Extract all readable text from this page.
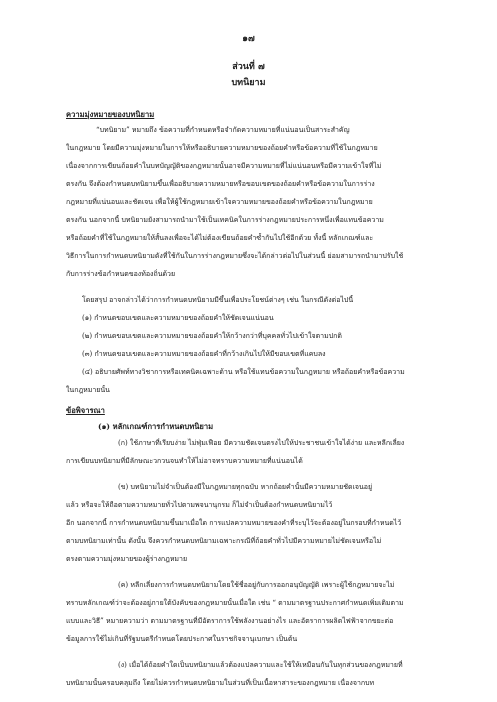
๑๗
ส่วนที่ ๗
บทนิยาม
ความมุ่งหมายของบทนิยาม
“บทนิยาม” หมายถึง ข้อความที่กำหนดหรือจำกัดความหมายที่แน่นอนเป็นสาระสำคัญ
ในกฎหมาย โดยมีความมุ่งหมายในการให้หรืออธิบายความหมายของถ้อยคำหรือข้อความที่ใช้ในกฎหมาย
เนื่องจากการเขียนถ้อยคำในบทบัญญัติของกฎหมายนั้นอาจมีความหมายที่ไม่แน่นอนหรือมีความเข้าใจที่ไม่
ตรงกัน จึงต้องกำหนดบทนิยามขึ้นเพื่ออธิบายความหมายหรือขอบเขตของถ้อยคำหรือข้อความในการร่าง
กฎหมายที่แน่นอนและชัดเจน เพื่อให้ผู้ใช้กฎหมายเข้าใจความหมายของถ้อยคำหรือข้อความในกฎหมาย
ตรงกัน นอกจากนี้ บทนิยามยังสามารถนำมาใช้เป็นเทคนิคในการร่างกฎหมายประการหนึ่งเพื่อแทนข้อความ
หรือถ้อยคำที่ใช้ในกฎหมายให้สั้นลงเพื่อจะได้ไม่ต้องเขียนถ้อยคำซ้ำกันไปใช้อีกด้วย ทั้งนี้ หลักเกณฑ์และ
วิธีการในการกำหนดบทนิยามดังที่ใช้กันในการร่างกฎหมายซึ่งจะได้กล่าวต่อไปในส่วนนี้ ย่อมสามารถนำมาปรับใช้
กับการร่างข้อกำหนดของท้องถิ่นด้วย
โดยสรุป อาจกล่าวได้ว่าการกำหนดบทนิยามมีขึ้นเพื่อประโยชน์ต่างๆ เช่น ในกรณีดังต่อไปนี้
(๑) กำหนดขอบเขตและความหมายของถ้อยคำให้ชัดเจนแน่นอน
(๒) กำหนดขอบเขตและความหมายของถ้อยคำให้กว้างกว่าที่บุคคลทั่วไปเข้าใจตามปกติ
(๓) กำหนดขอบเขตและความหมายของถ้อยคำที่กว้างเกินไปให้มีขอบเขตที่แคบลง
(๔) อธิบายศัพท์ทางวิชาการหรือเทคนิคเฉพาะด้าน หรือใช้แทนข้อความในกฎหมาย หรือถ้อยคำหรือข้อความ
ในกฎหมายนั้น
ข้อพิจารณา
(๑) หลักเกณฑ์การกำหนดบทนิยาม
(ก) ใช้ภาษาที่เรียบง่าย ไม่ฟุ่มเฟือย มีความชัดเจนตรงไปให้ประชาชนเข้าใจได้ง่าย และหลีกเลี่ยง
การเขียนบทนิยามที่มีลักษณะวกวนจนทำให้ไม่อาจทราบความหมายที่แน่นอนได้
(ข) บทนิยามไม่จำเป็นต้องมีในกฎหมายทุกฉบับ หากถ้อยคำนั้นมีความหมายชัดเจนอยู่
แล้ว หรือจะให้ถือตามความหมายทั่วไปตามพจนานุกรม ก็ไม่จำเป็นต้องกำหนดบทนิยามไว้
อีก นอกจากนี้ การกำหนดบทนิยามขึ้นมาเมื่อใด การแปลความหมายของคำที่ระบุไว้จะต้องอยู่ในกรอบที่กำหนดไว้
ตามบทนิยามเท่านั้น ดังนั้น จึงควรกำหนดบทนิยามเฉพาะกรณีที่ถ้อยคำทั่วไปมีความหมายไม่ชัดเจนหรือไม่
ตรงตามความมุ่งหมายของผู้ร่างกฎหมาย
(ค) หลีกเลี่ยงการกำหนดบทนิยามโดยใช้ชื่ออยู่กับการออกอนุบัญญัติ เพราะผู้ใช้กฎหมายจะไม่
ทราบหลักเกณฑ์ว่าจะต้องอยู่ภายใต้บังคับของกฎหมายนั้นเมื่อใด เช่น “ ตามมาตรฐานประกาศกำหนดเพิ่มเติมตาม
แบบและวิธี” หมายความว่า ตามมาตรฐานที่มีอัตราการใช้พลังงานอย่างไร และอัตราการผลิตไฟฟ้าจากขยะต่อ
ข้อมูลการใช้ไม่เกินที่รัฐมนตรีกำหนดโดยประกาศในราชกิจจานุเบกษา เป็นต้น
(ง) เมื่อได้ถ้อยคำใดเป็นบทนิยามแล้วต้องแปลความและใช้ให้เหมือนกันในทุกส่วนของกฎหมายที่
บทนิยามนั้นครอบคลุมถึง โดยไม่ควรกำหนดบทนิยามในส่วนที่เป็นเนื้อหาสาระของกฎหมาย เนื่องจากบท
